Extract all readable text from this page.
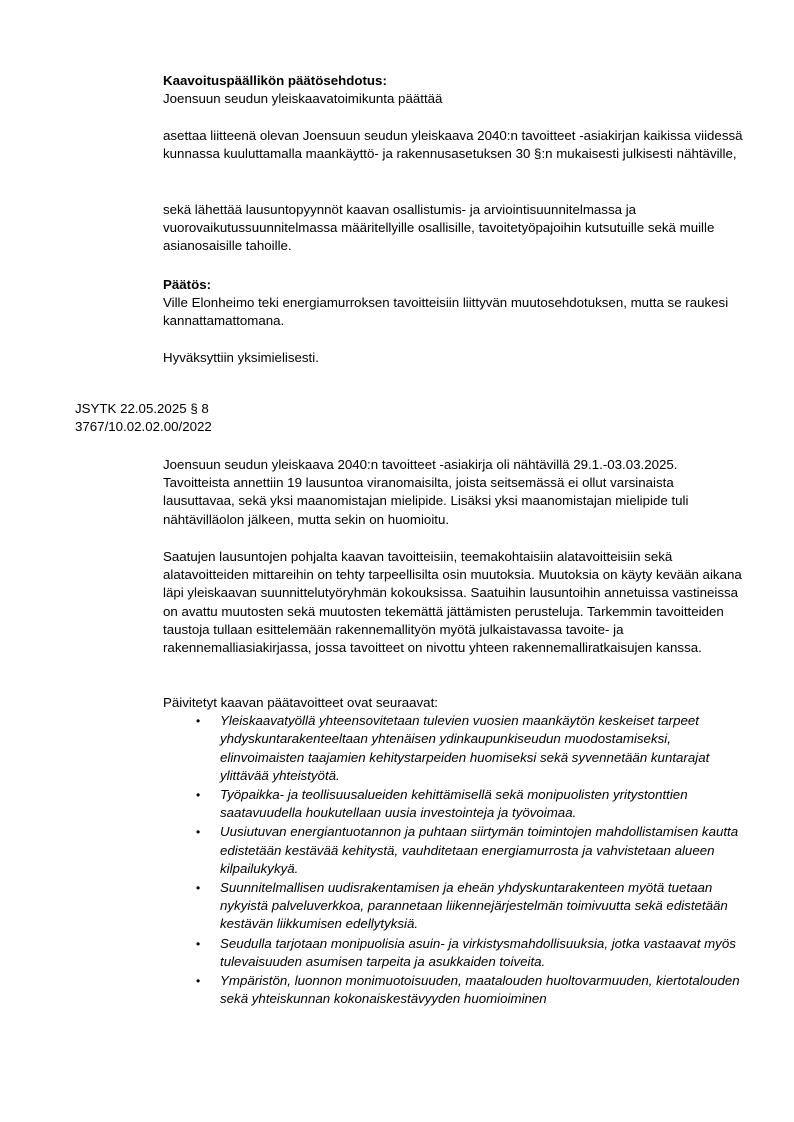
Kaavoituspäällikön päätösehdotus:

Joensuun seudun yleiskaavatoimikunta päättää

asettaa liitteenä olevan Joensuun seudun yleiskaava 2040:n tavoitteet -asiakirjan kaikissa viidessä kunnassa kuuluttamalla maankäyttö- ja rakennusasetuksen 30 §:n mukaisesti julkisesti nähtäville,

sekä lähettää lausuntopyynnöt kaavan osallistumis- ja arviointisuunnitelmassa ja vuorovaikutussuunnitelmassa määritellyille osallisille, tavoitetyöpajoihin kutsutuille sekä muille asianosaisille tahoille.

Päätös:

Ville Elonheimo teki energiamurroksen tavoitteisiin liittyvän muutosehdotuksen, mutta se raukesi kannattamattomana.

Hyväksyttiin yksimielisesti.

JSYTK 22.05.2025 § 8
3767/10.02.02.00/2022

Joensuun seudun yleiskaava 2040:n tavoitteet -asiakirja oli nähtävillä 29.1.-03.03.2025. Tavoitteista annettiin 19 lausuntoa viranomaisilta, joista seitsemässä ei ollut varsinaista lausuttavaa, sekä yksi maanomistajan mielipide. Lisäksi yksi maanomistajan mielipide tuli nähtävilläolon jälkeen, mutta sekin on huomioitu.

Saatujen lausuntojen pohjalta kaavan tavoitteisiin, teemakohtaisiin alatavoitteisiin sekä alatavoitteiden mittareihin on tehty tarpeellisilta osin muutoksia. Muutoksia on käyty kevään aikana läpi yleiskaavan suunnittelutyöryhmän kokouksissa. Saatuihin lausuntoihin annetuissa vastineissa on avattu muutosten sekä muutosten tekemättä jättämisten perusteluja. Tarkemmin tavoitteiden taustoja tullaan esittelemään rakennemallityön myötä julkaistavassa tavoite- ja rakennemalliasiakirjassa, jossa tavoitteet on nivottu yhteen rakennemalliratkaisujen kanssa.

Päivitetyt kaavan päätavoitteet ovat seuraavat:

• Yleiskaavatyöllä yhteensovitetaan tulevien vuosien maankäytön keskeiset tarpeet yhdyskuntarakenteeltaan yhtenäisen ydinkaupunkiseudun muodostamiseksi, elinvoimaisten taajamien kehitystarpeiden huomiseksi sekä syvennetään kuntarajat ylittävää yhteistyötä.
• Työpaikka- ja teollisuusalueiden kehittämisellä sekä monipuolisten yritystonttien saatavuudella houkutellaan uusia investointeja ja työvoimaa.
• Uusiutuvan energiantuotannon ja puhtaan siirtymän toimintojen mahdollistamisen kautta edistetään kestävää kehitystä, vauhditetaan energiamurrosta ja vahvistetaan alueen kilpailukykyä.
• Suunnitelmallisen uudisrakentamisen ja eheän yhdyskuntarakenteen myötä tuetaan nykyistä palveluverkkoa, parannetaan liikennejärjestelmän toimivuutta sekä edistetään kestävän liikkumisen edellytyksiä.
• Seudulla tarjotaan monipuolisia asuin- ja virkistysmahdollisuuksia, jotka vastaavat myös tulevaisuuden asumisen tarpeita ja asukkaiden toiveita.
• Ympäristön, luonnon monimuotoisuuden, maatalouden huoltovarmuuden, kiertotalouden sekä yhteiskunnan kokonaiskestävyyden huomioiminen
